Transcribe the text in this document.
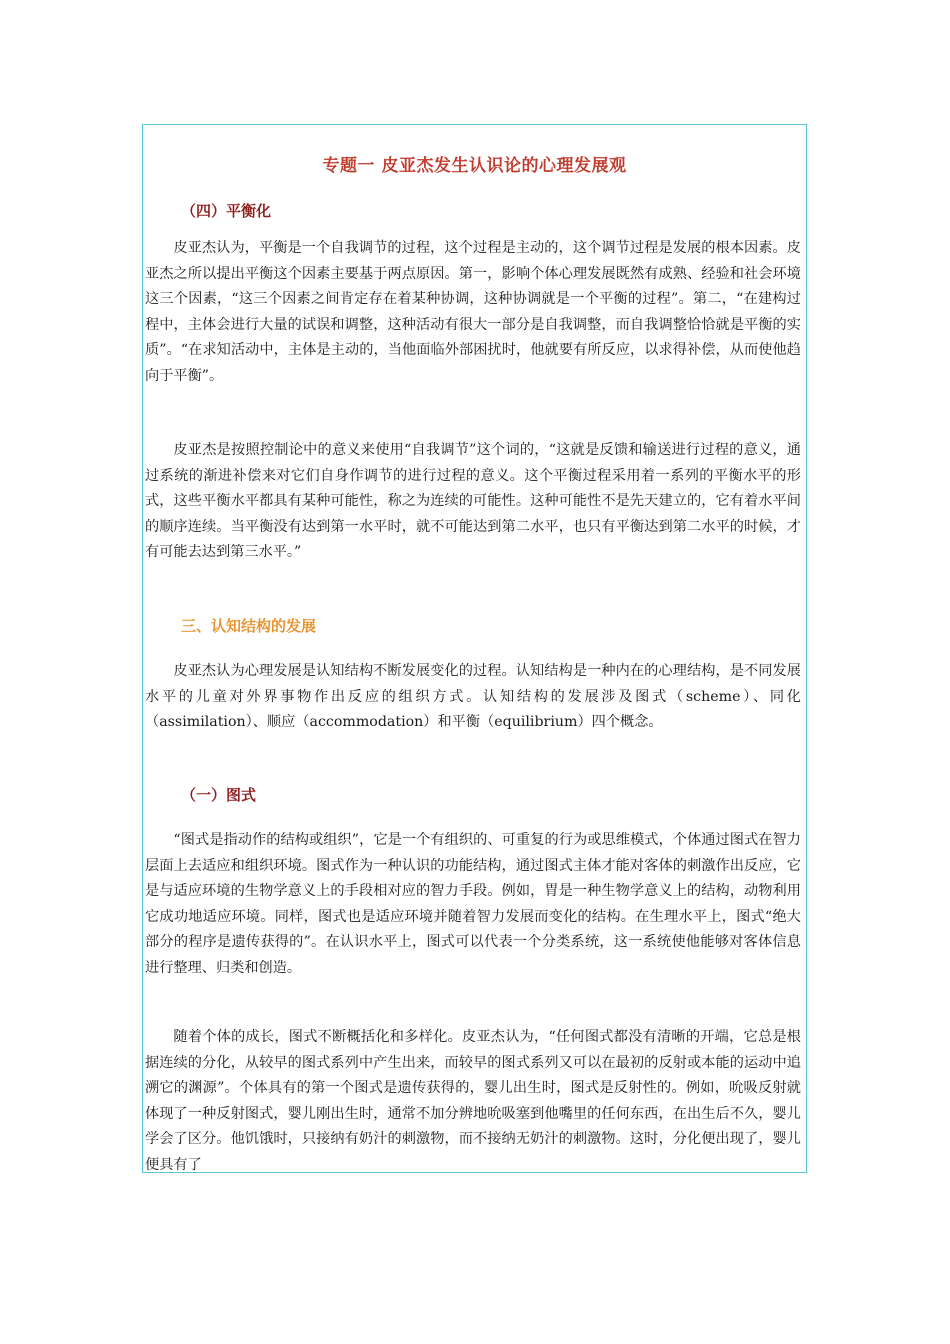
专题一 皮亚杰发生认识论的心理发展观
（四）平衡化

皮亚杰认为，平衡是一个自我调节的过程，这个过程是主动的，这个调节过程是发展的根本因素。皮亚杰之所以提出平衡这个因素主要基于两点原因。第一，影响个体心理发展既然有成熟、经验和社会环境这三个因素，“这三个因素之间肯定存在着某种协调，这种协调就是一个平衡的过程”。第二，“在建构过程中，主体会进行大量的试误和调整，这种活动有很大一部分是自我调整，而自我调整恰恰就是平衡的实质”。“在求知活动中，主体是主动的，当他面临外部困扰时，他就要有所反应，以求得补偿，从而使他趋向于平衡”。

皮亚杰是按照控制论中的意义来使用“自我调节”这个词的，“这就是反馈和输送进行过程的意义，通过系统的渐进补偿来对它们自身作调节的进行过程的意义。这个平衡过程采用着一系列的平衡水平的形式，这些平衡水平都具有某种可能性，称之为连续的可能性。这种可能性不是先天建立的，它有着水平间的顺序连续。当平衡没有达到第一水平时，就不可能达到第二水平，也只有平衡达到第二水平的时候，才有可能去达到第三水平。”

三、认知结构的发展

皮亚杰认为心理发展是认知结构不断发展变化的过程。认知结构是一种内在的心理结构，是不同发展水平的儿童对外界事物作出反应的组织方式。认知结构的发展涉及图式（scheme）、同化（assimilation）、顺应（accommodation）和平衡（equilibrium）四个概念。

（一）图式

“图式是指动作的结构或组织”，它是一个有组织的、可重复的行为或思维模式，个体通过图式在智力层面上去适应和组织环境。图式作为一种认识的功能结构，通过图式主体才能对客体的刺激作出反应，它是与适应环境的生物学意义上的手段相对应的智力手段。例如，胃是一种生物学意义上的结构，动物利用它成功地适应环境。同样，图式也是适应环境并随着智力发展而变化的结构。在生理水平上，图式“绝大部分的程序是遗传获得的”。在认识水平上，图式可以代表一个分类系统，这一系统使他能够对客体信息进行整理、归类和创造。

随着个体的成长，图式不断概括化和多样化。皮亚杰认为，“任何图式都没有清晰的开端，它总是根据连续的分化，从较早的图式系列中产生出来，而较早的图式系列又可以在最初的反射或本能的运动中追溯它的渊源”。个体具有的第一个图式是遗传获得的，婴儿出生时，图式是反射性的。例如，吮吸反射就体现了一种反射图式，婴儿刚出生时，通常不加分辨地吮吸塞到他嘴里的任何东西，在出生后不久，婴儿学会了区分。他饥饿时，只接纳有奶汁的刺激物，而不接纳无奶汁的刺激物。这时，分化便出现了，婴儿便具有了
